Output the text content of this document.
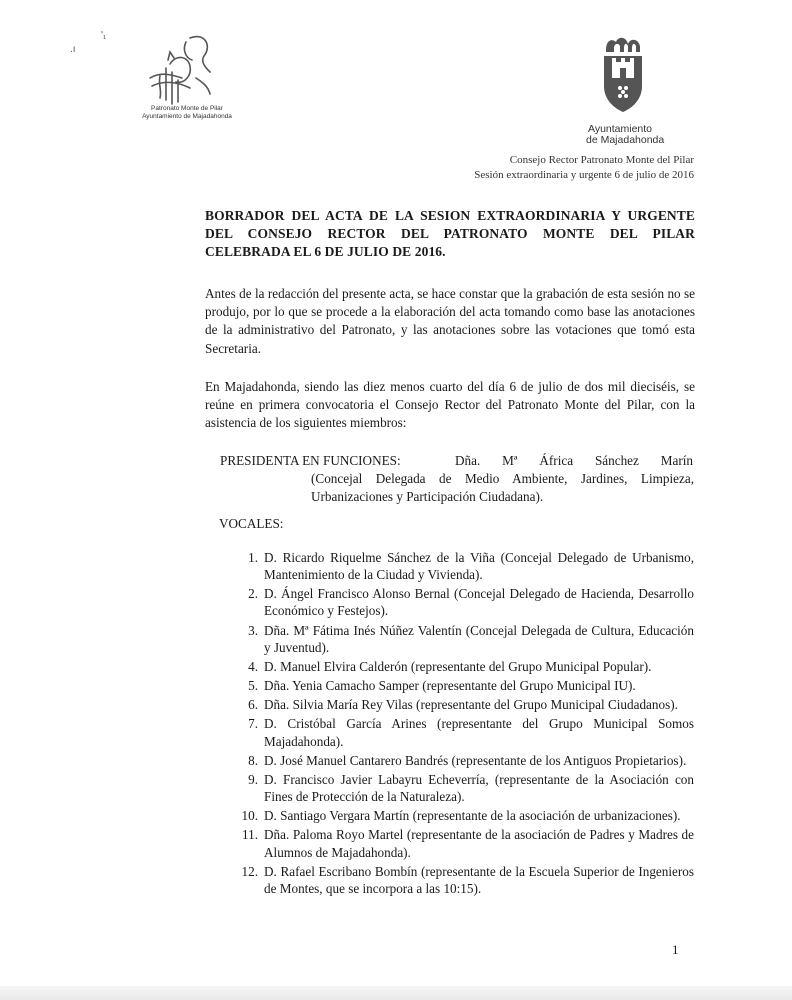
'₁
.ı
Patronato Monte de Pilar
Ayuntamiento de Majadahonda
Ayuntamiento
de Majadahonda
Consejo Rector Patronato Monte del Pilar
Sesión extraordinaria y urgente 6 de julio de 2016
BORRADOR DEL ACTA DE LA SESION EXTRAORDINARIA Y URGENTE DEL CONSEJO RECTOR DEL PATRONATO MONTE DEL PILAR CELEBRADA EL 6 DE JULIO DE 2016.
Antes de la redacción del presente acta, se hace constar que la grabación de esta sesión no se produjo, por lo que se procede a la elaboración del acta tomando como base las anotaciones de la administrativo del Patronato, y las anotaciones sobre las votaciones que tomó esta Secretaria.
En Majadahonda, siendo las diez menos cuarto del día 6 de julio de dos mil dieciséis, se reúne en primera convocatoria el Consejo Rector del Patronato Monte del Pilar, con la asistencia de los siguientes miembros:
PRESIDENTA EN FUNCIONES:	Dña. Mª África Sánchez Marín
(Concejal Delegada de Medio Ambiente, Jardines, Limpieza, Urbanizaciones y Participación Ciudadana).
VOCALES:
1. D. Ricardo Riquelme Sánchez de la Viña (Concejal Delegado de Urbanismo, Mantenimiento de la Ciudad y Vivienda).
2. D. Ángel Francisco Alonso Bernal (Concejal Delegado de Hacienda, Desarrollo Económico y Festejos).
3. Dña. Mª Fátima Inés Núñez Valentín (Concejal Delegada de Cultura, Educación y Juventud).
4. D. Manuel Elvira Calderón (representante del Grupo Municipal Popular).
5. Dña. Yenia Camacho Samper (representante del Grupo Municipal IU).
6. Dña. Silvia María Rey Vilas (representante del Grupo Municipal Ciudadanos).
7. D. Cristóbal García Arines (representante del Grupo Municipal Somos Majadahonda).
8. D. José Manuel Cantarero Bandrés (representante de los Antiguos Propietarios).
9. D. Francisco Javier Labayru Echeverría, (representante de la Asociación con Fines de Protección de la Naturaleza).
10. D. Santiago Vergara Martín (representante de la asociación de urbanizaciones).
11. Dña. Paloma Royo Martel (representante de la asociación de Padres y Madres de Alumnos de Majadahonda).
12. D. Rafael Escribano Bombín (representante de la Escuela Superior de Ingenieros de Montes, que se incorpora a las 10:15).
1
